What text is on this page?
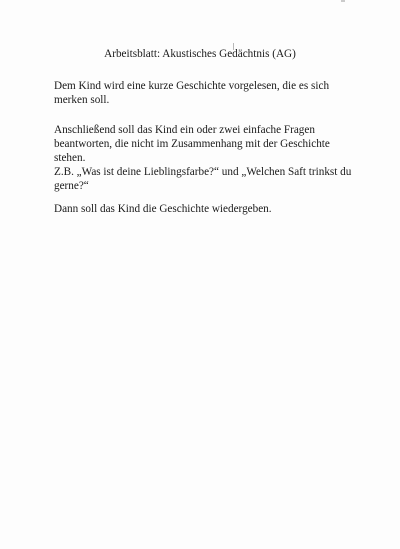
Arbeitsblatt: Akustisches Gedächtnis (AG)

Dem Kind wird eine kurze Geschichte vorgelesen, die es sich
merken soll.

Anschließend soll das Kind ein oder zwei einfache Fragen
beantworten, die nicht im Zusammenhang mit der Geschichte
stehen.
Z.B. „Was ist deine Lieblingsfarbe?“ und „Welchen Saft trinkst du
gerne?“

Dann soll das Kind die Geschichte wiedergeben.
